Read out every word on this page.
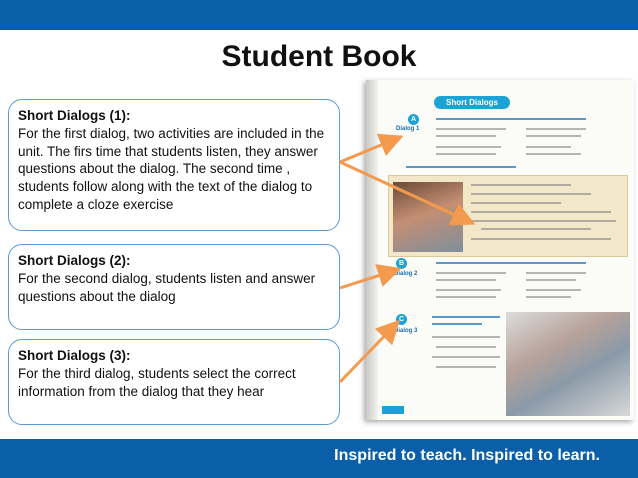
Student Book
Short Dialogs (1):
For the first dialog, two activities are included in the unit. The firs time that students listen, they answer questions about the dialog. The second time , students follow along with the text of the dialog to complete a cloze exercise
Short Dialogs (2):
For the second dialog, students listen and answer questions about the dialog
Short Dialogs (3):
For the third dialog, students select the correct information from the dialog that they hear
Short Dialogs
A
Dialog 1
B
Dialog 2
C
Dialog 3
Inspired to teach. Inspired to learn.
